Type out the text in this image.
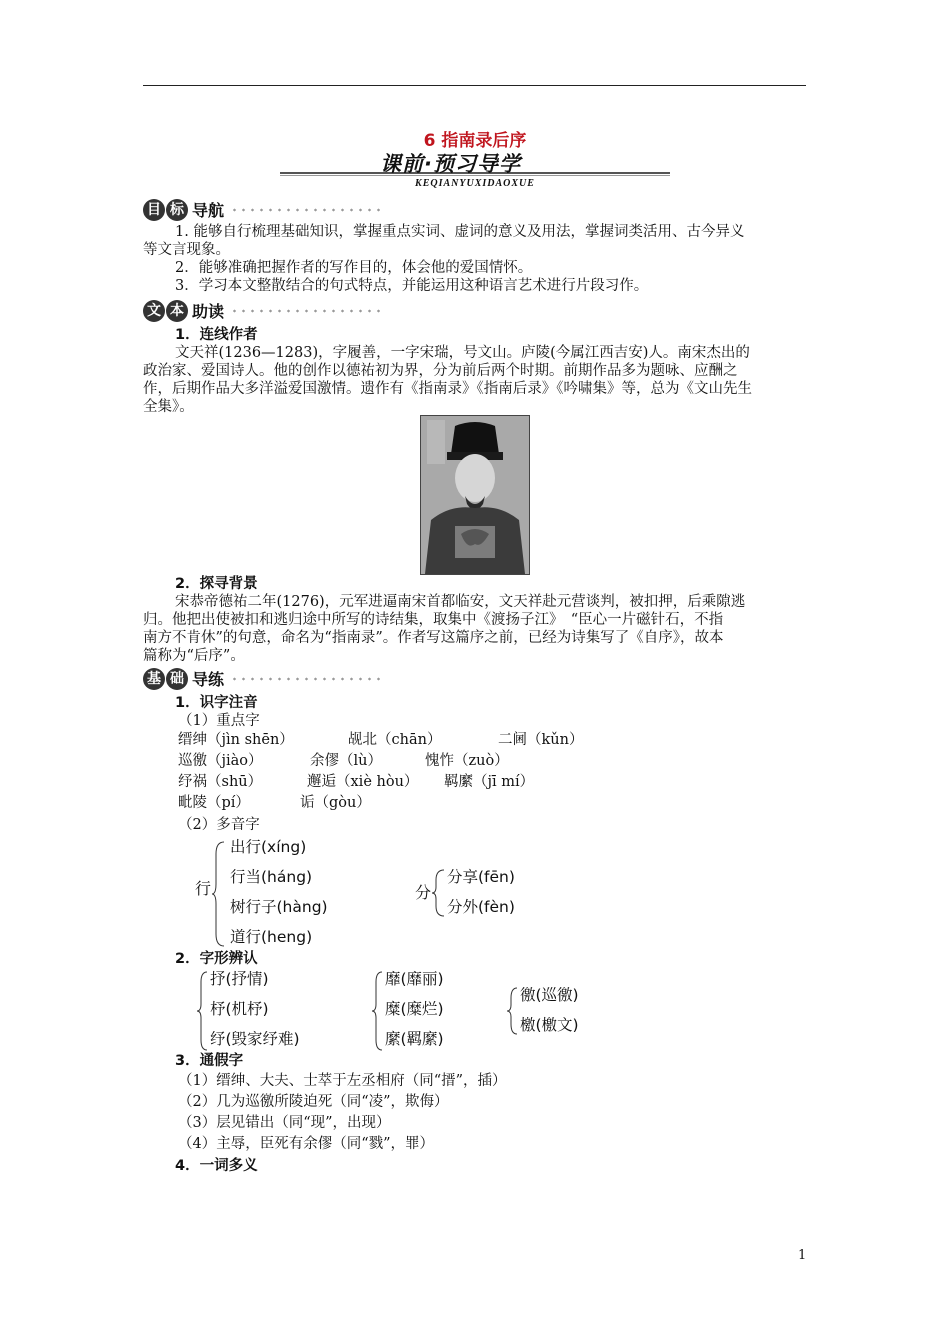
6 指南录后序
课前·预习导学
KEQIANYUXIDAOXUE
目 标 导航
1. 能够自行梳理基础知识，掌握重点实词、虚词的意义及用法，掌握词类活用、古今异义
等文言现象。
2．能够准确把握作者的写作目的，体会他的爱国情怀。
3．学习本文整散结合的句式特点，并能运用这种语言艺术进行片段习作。
文 本 助读
1．连线作者
文天祥(1236—1283)，字履善，一字宋瑞，号文山。庐陵(今属江西吉安)人。南宋杰出的
政治家、爱国诗人。他的创作以德祐初为界，分为前后两个时期。前期作品多为题咏、应酬之
作，后期作品大多洋溢爱国激情。遗作有《指南录》《指南后录》《吟啸集》等，总为《文山先生
全集》。
2．探寻背景
宋恭帝德祐二年(1276)，元军进逼南宋首都临安，文天祥赴元营谈判，被扣押，后乘隙逃
归。他把出使被扣和逃归途中所写的诗结集，取集中《渡扬子江》　“臣心一片磁针石，不指
南方不肯休”的句意，命名为“指南录”。作者写这篇序之前，已经为诗集写了《自序》，故本
篇称为“后序”。
基 础 导练
1．识字注音
（1）重点字
缙绅（jìn shēn）	觇北（chān）	二阃（kǔn）
巡徼（jiào）	余僇（lù）	愧怍（zuò）
纾祸（shū）	邂逅（xiè hòu） 羁縻（jī mí）
毗陵（pí）	诟（gòu）
（2）多音字
行
出行(xíng)
行当(háng)
树行子(hàng)
道行(heng)
分
分享(fēn)
分外(fèn)
2．字形辨认
抒(抒情)
杼(机杼)
纾(毁家纾难)
靡(靡丽)
糜(糜烂)
縻(羁縻)
徼(巡徼)
檄(檄文)
3．通假字
（1）缙绅、大夫、士萃于左丞相府（同“搢”，插）
（2）几为巡徼所陵迫死（同“凌”，欺侮）
（3）层见错出（同“现”，出现）
（4）主辱，臣死有余僇（同“戮”，罪）
4．一词多义
1
